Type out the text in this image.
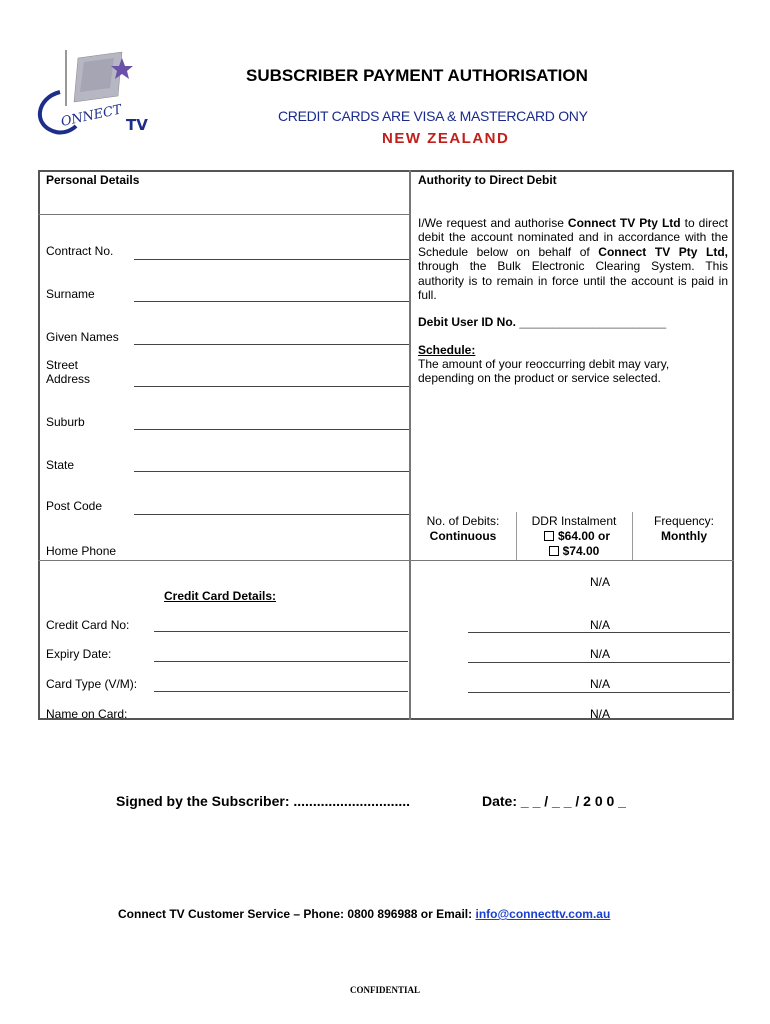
ONNECT TV
SUBSCRIBER PAYMENT AUTHORISATION
CREDIT CARDS ARE VISA & MASTERCARD ONY
NEW ZEALAND
Personal Details
Contract No.
Surname
Given Names
Street
Address
Suburb
State
Post Code
Home Phone
Authority to Direct Debit
I/We request and authorise Connect TV Pty Ltd to direct debit the account nominated and in accordance with the Schedule below on behalf of Connect TV Pty Ltd, through the Bulk Electronic Clearing System. This authority is to remain in force until the account is paid in full.
Debit User ID No. ______________________
Schedule:
The amount of your reoccurring debit may vary, depending on the product or service selected.
No. of Debits:
Continuous
DDR Instalment
$64.00 or
$74.00
Frequency:
Monthly
Credit Card Details:
Credit Card No:
Expiry Date:
Card Type (V/M):
Name on Card:
N/A
N/A
N/A
N/A
N/A
Signed by the Subscriber: ..............................	Date: _ _ / _ _ / 2 0 0 _
Connect TV Customer Service – Phone: 0800 896988 or Email: info@connecttv.com.au
CONFIDENTIAL
